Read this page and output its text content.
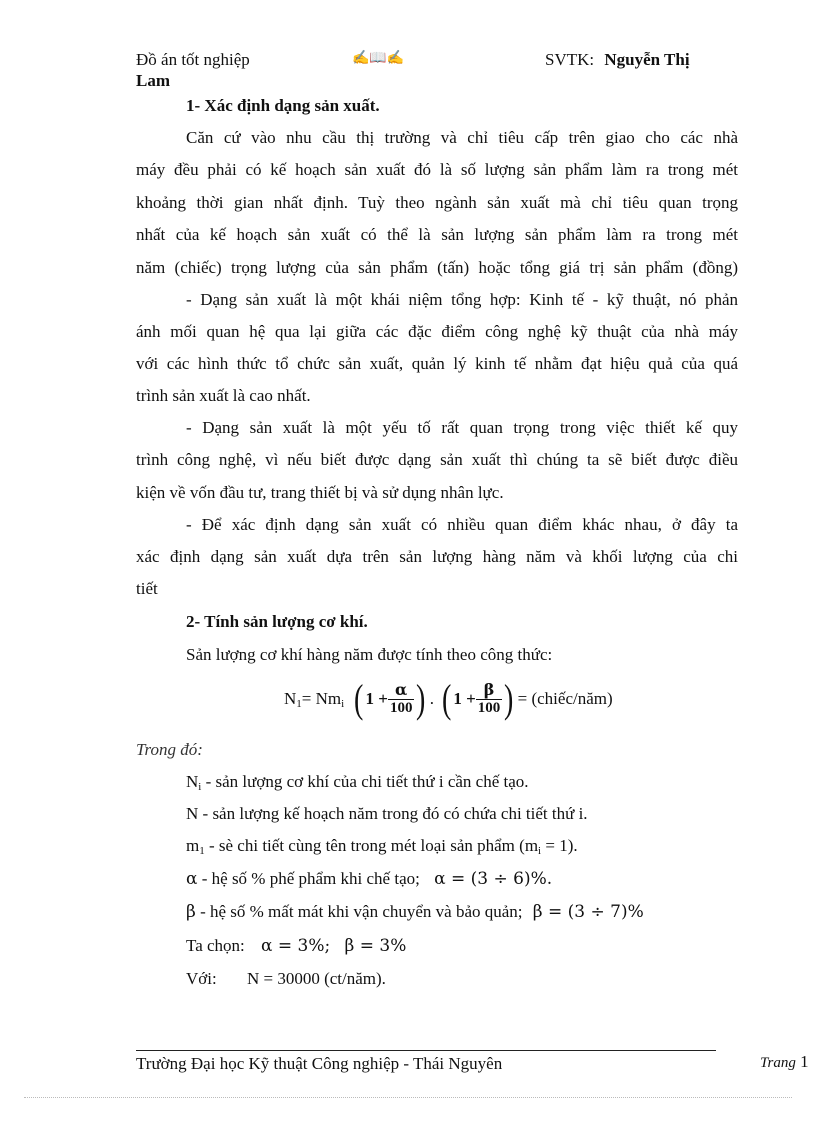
Đồ án tốt nghiệp	✍📖✍	SVTK: Nguyễn Thị
Lam
1- Xác định dạng sản xuất.
Căn cứ vào nhu cầu thị trường và chỉ tiêu cấp trên giao cho các nhà
máy đều phải có kế hoạch sản xuất đó là số lượng sản phẩm làm ra trong mét
khoảng thời gian nhất định. Tuỳ theo ngành sản xuất mà chỉ tiêu quan trọng
nhất của kế hoạch sản xuất có thể là sản lượng sản phẩm làm ra trong mét
năm (chiếc) trọng lượng của sản phẩm (tấn) hoặc tổng giá trị sản phẩm (đồng)
- Dạng sản xuất là một khái niệm tổng hợp: Kinh tế - kỹ thuật, nó phản
ánh mối quan hệ qua lại giữa các đặc điểm công nghệ kỹ thuật của nhà máy
với các hình thức tổ chức sản xuất, quản lý kinh tế nhằm đạt hiệu quả của quá
trình sản xuất là cao nhất.
- Dạng sản xuất là một yếu tố rất quan trọng trong việc thiết kế quy
trình công nghệ, vì nếu biết được dạng sản xuất thì chúng ta sẽ biết được điều
kiện về vốn đầu tư, trang thiết bị và sử dụng nhân lực.
- Để xác định dạng sản xuất có nhiều quan điểm khác nhau, ở đây ta
xác định dạng sản xuất dựa trên sản lượng hàng năm và khối lượng của chi
tiết
2- Tính sản lượng cơ khí.
Sản lượng cơ khí hàng năm được tính theo công thức:
$N_1 = Nm_i$ ( $1 + \frac{\alpha}{100}$ ) . ( $1 + \frac{\beta}{100}$ ) = (chiếc/năm)
Trong đó:
$N_i$ - sản lượng cơ khí của chi tiết thứ i cần chế tạo.
N - sản lượng kế hoạch năm trong đó có chứa chi tiết thứ i.
$m_1$ - sè chi tiết cùng tên trong mét loại sản phẩm $(m_i = 1)$.
α - hệ số % phế phẩm khi chế tạo; α = (3 ÷ 6)%.
β - hệ số % mất mát khi vận chuyển và bảo quản; β = (3 ÷ 7)%
Ta chọn: α = 3%; β = 3%
Với: N = 30000 (ct/năm).
Trường Đại học Kỹ thuật Công nghiệp - Thái Nguyên	Trang 1
